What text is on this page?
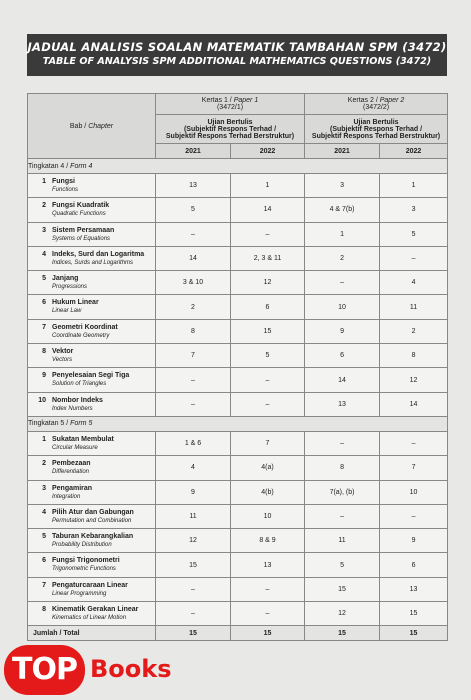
JADUAL ANALISIS SOALAN MATEMATIK TAMBAHAN SPM (3472)
TABLE OF ANALYSIS SPM ADDITIONAL MATHEMATICS QUESTIONS (3472)
Bab / Chapter	Kertas 1 / Paper 1
(3472/1)		Kertas 2 / Paper 2
(3472/2)	
	Ujian Bertulis
(Subjektif Respons Terhad /
Subjektif Respons Terhad Berstruktur)		Ujian Bertulis
(Subjektif Respons Terhad /
Subjektif Respons Terhad Berstruktur)	
	2021	2022	2021	2022
Tingkatan 4 / Form 4				

1 Fungsi
Functions	13	1	3	1

2 Fungsi Kuadratik
Quadratic Functions	5	14	4 & 7(b)	3

3 Sistem Persamaan
Systems of Equations	–	–	1	5

4 Indeks, Surd dan Logaritma
Indices, Surds and Logarithms	14	2, 3 & 11	2	–

5 Janjang
Progressions	3 & 10	12	–	4

6 Hukum Linear
Linear Law	2	6	10	11

7 Geometri Koordinat
Coordinate Geometry	8	15	9	2

8 Vektor
Vectors	7	5	6	8

9 Penyelesaian Segi Tiga
Solution of Triangles	–	–	14	12

10 Nombor Indeks
Index Numbers	–	–	13	14
Tingkatan 5 / Form 5				

1 Sukatan Membulat
Circular Measure	1 & 6	7	–	–

2 Pembezaan
Differentiation	4	4(a)	8	7

3 Pengamiran
Integration	9	4(b)	7(a), (b)	10

4 Pilih Atur dan Gabungan
Permutation and Combination	11	10	–	–

5 Taburan Kebarangkalian
Probability Distribution	12	8 & 9	11	9

6 Fungsi Trigonometri
Trigonometric Functions	15	13	5	6

7 Pengaturcaraan Linear
Linear Programming	–	–	15	13

8 Kinematik Gerakan Linear
Kinematics of Linear Motion	–	–	12	15
Jumlah / Total	15	15	15	15
TOP Books
